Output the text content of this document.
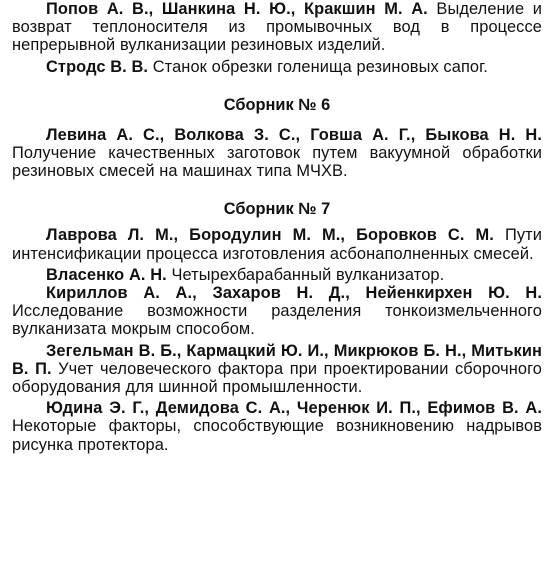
Попов А. В., Шанкина Н. Ю., Кракшин М. А. Выделение и возврат теплоносителя из промывочных вод в процессе непрерывной вулканизации резиновых изделий.

Стродс В. В. Станок обрезки голенища резиновых сапог.

Сборник № 6

Левина А. С., Волкова З. С., Говша А. Г., Быкова Н. Н. Получение качественных заготовок путем вакуумной обработки резиновых смесей на машинах типа МЧХВ.

Сборник № 7

Лаврова Л. М., Бородулин М. М., Боровков С. М. Пути интенсификации процесса изготовления асбонаполненных смесей.

Власенко А. Н. Четырехбарабанный вулканизатор.

Кириллов А. А., Захаров Н. Д., Нейенкирхен Ю. Н. Исследование возможности разделения тонкоизмельченного вулканизата мокрым способом.

Зегельман В. Б., Кармацкий Ю. И., Микрюков Б. Н., Митькин В. П. Учет человеческого фактора при проектировании сборочного оборудования для шинной промышленности.

Юдина Э. Г., Демидова С. А., Черенюк И. П., Ефимов В. А. Некоторые факторы, способствующие возникновению надрывов рисунка протектора.
